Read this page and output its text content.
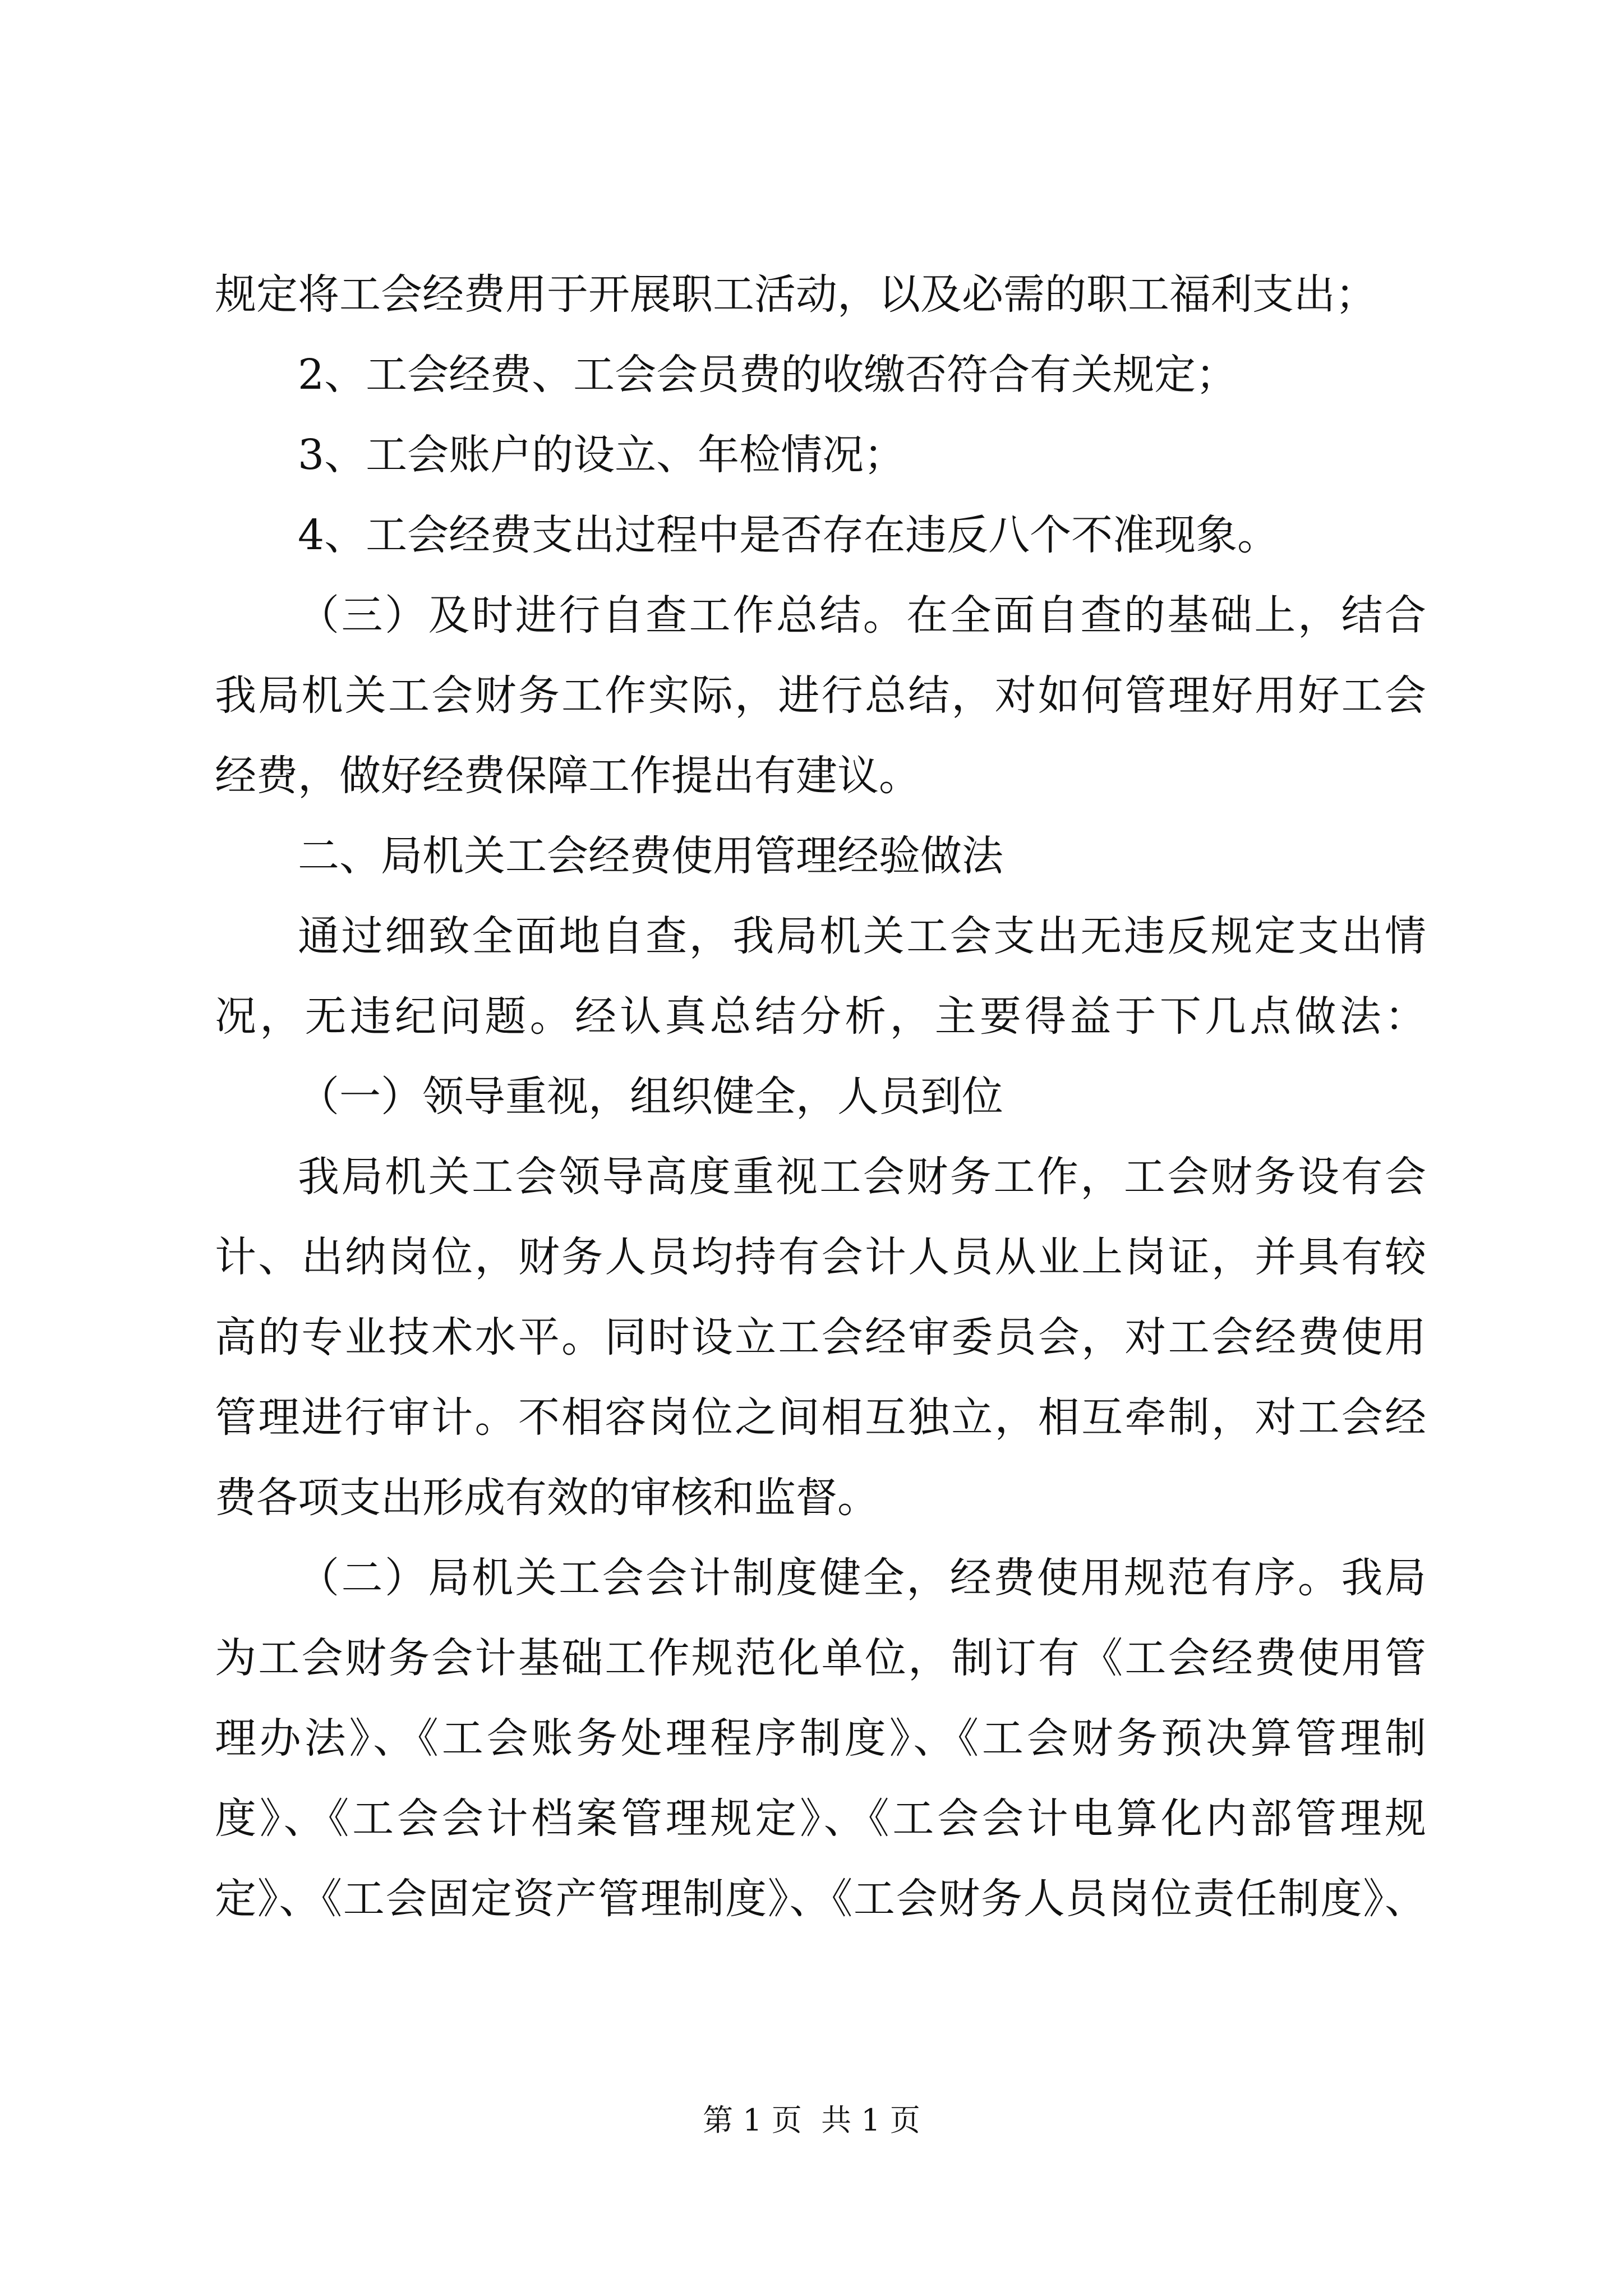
规定将工会经费用于开展职工活动，以及必需的职工福利支出；
2、工会经费、工会会员费的收缴否符合有关规定；
3、工会账户的设立、年检情况；
4、工会经费支出过程中是否存在违反八个不准现象。
（三）及时进行自查工作总结。在全面自查的基础上，结合
我局机关工会财务工作实际，进行总结，对如何管理好用好工会
经费，做好经费保障工作提出有建议。
二、局机关工会经费使用管理经验做法
通过细致全面地自查，我局机关工会支出无违反规定支出情
况，无违纪问题。经认真总结分析，主要得益于下几点做法：
（一）领导重视，组织健全，人员到位
我局机关工会领导高度重视工会财务工作，工会财务设有会
计、出纳岗位，财务人员均持有会计人员从业上岗证，并具有较
高的专业技术水平。同时设立工会经审委员会，对工会经费使用
管理进行审计。不相容岗位之间相互独立，相互牵制，对工会经
费各项支出形成有效的审核和监督。
（二）局机关工会会计制度健全，经费使用规范有序。我局
为工会财务会计基础工作规范化单位，制订有《工会经费使用管
理办法》、《工会账务处理程序制度》、《工会财务预决算管理制
度》、《工会会计档案管理规定》、《工会会计电算化内部管理规
定》、《工会固定资产管理制度》、《工会财务人员岗位责任制度》、
第 1 页  共 1 页
